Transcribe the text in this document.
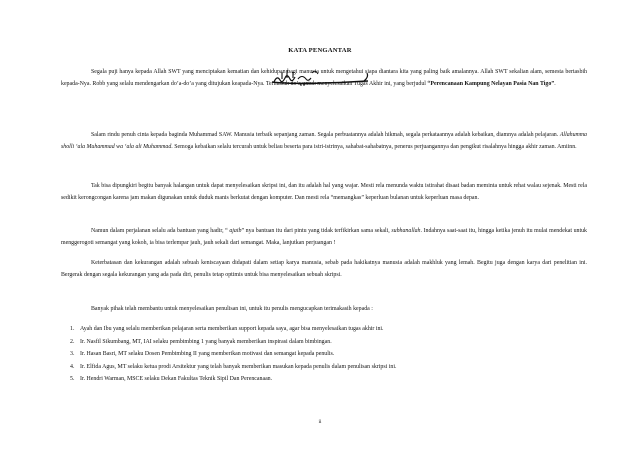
KATA PENGANTAR

Segala puji hanya kepada Allah SWT yang menciptakan kematian dan kehidupan bagi manusia untuk mengetahui siapa diantara kita yang paling baik amalannya. Allah SWT sekalian alam, semesta bertasbih kepada-Nya. Robb yang selalu mendengarkan do’a-do’a yang ditujukan keapada-Nya. Termasuk do’a untuk menyelesaikan Tugas Akhir ini, yang berjudul “Perencanaan Kampung Nelayan Pasia Nan Tigo”.

Salam rindu penuh cinta kepada baginda Muhammad SAW. Manusia terbaik sepanjang zaman. Segala perbuatannya adalah hikmah, segala perkataannya adalah kebaikan, diamnya adalah pelajaran. Allahumma sholli ‘ala Muhammad wa ‘ala ali Muhammad. Semoga kebaikan selalu tercurah untuk beliau beserta para istri-istrinya, sahabat-sahabatnya, penerus perjuangannya dan pengikut risalahnya hingga akhir zaman. Amiinn.

Tak bisa dipungkiri begitu banyak halangan untuk dapat menyelesaikan skripsi ini, dan itu adalah hal yang wajar. Mesti rela menunda waktu istirahat disaat badan meminta untuk rehat walau sejenak. Mesti rela sedikit kerongcongan karena jam makan digunakan untuk duduk manis berkutat dengan komputer. Dan mesti rela “memangkas” keperluan bulanan untuk keperluan masa depan.

Namun dalam perjalanan selalu ada bantuan yang hadir, “ ajaib” nya bantuan itu dari pintu yang tidak terfikirkan sama sekali, subhanallah. Indahnya saat-saat itu, hingga ketika jenuh itu mulai mendekat untuk menggerogoti semangat yang kokoh, ia bisa terlempar jauh, jauh sekali dari semangat. Maka, lanjutkan perjuangan !

Keterbatasan dan kekurangan adalah sebuah keniscayaan didapati dalam setiap karya manusia, sebab pada hakikatnya manusia adalah makhluk yang lemah. Begitu juga dengan karya dari penelitian ini. Bergerak dengan segala kekurangan yang ada pada diri, penulis tetap optimis untuk bisa menyelesaikan sebuah skripsi.

Banyak pihak telah membantu untuk menyelesaikan penulisan ini, untuk itu penulis mengucapkan terimakasih kepada :

1. Ayah dan Ibu yang selalu memberikan pelajaran serta memberikan support kepada saya, agar bisa menyelesaikan tugas akhir ini.
2. Ir. Nasfil Sikumbang, MT, IAI selaku pembimbing 1 yang banyak memberikan inspirasi dalam bimbingan.
3. Ir. Hasan Basri, MT selaku Dosen Pembimbing II yang memberikan motivasi dan semangat kepada penulis.
4. Ir. Elfida Agus, MT selaku ketua prodi Arsitektur yang telah banyak memberikan masukan kepada penulis dalam penulisan skripsi ini.
5. Ir. Hendri Warman, MSCE selaku Dekan Fakultas Teknik Sipil Dan Perencanaan.
ii
